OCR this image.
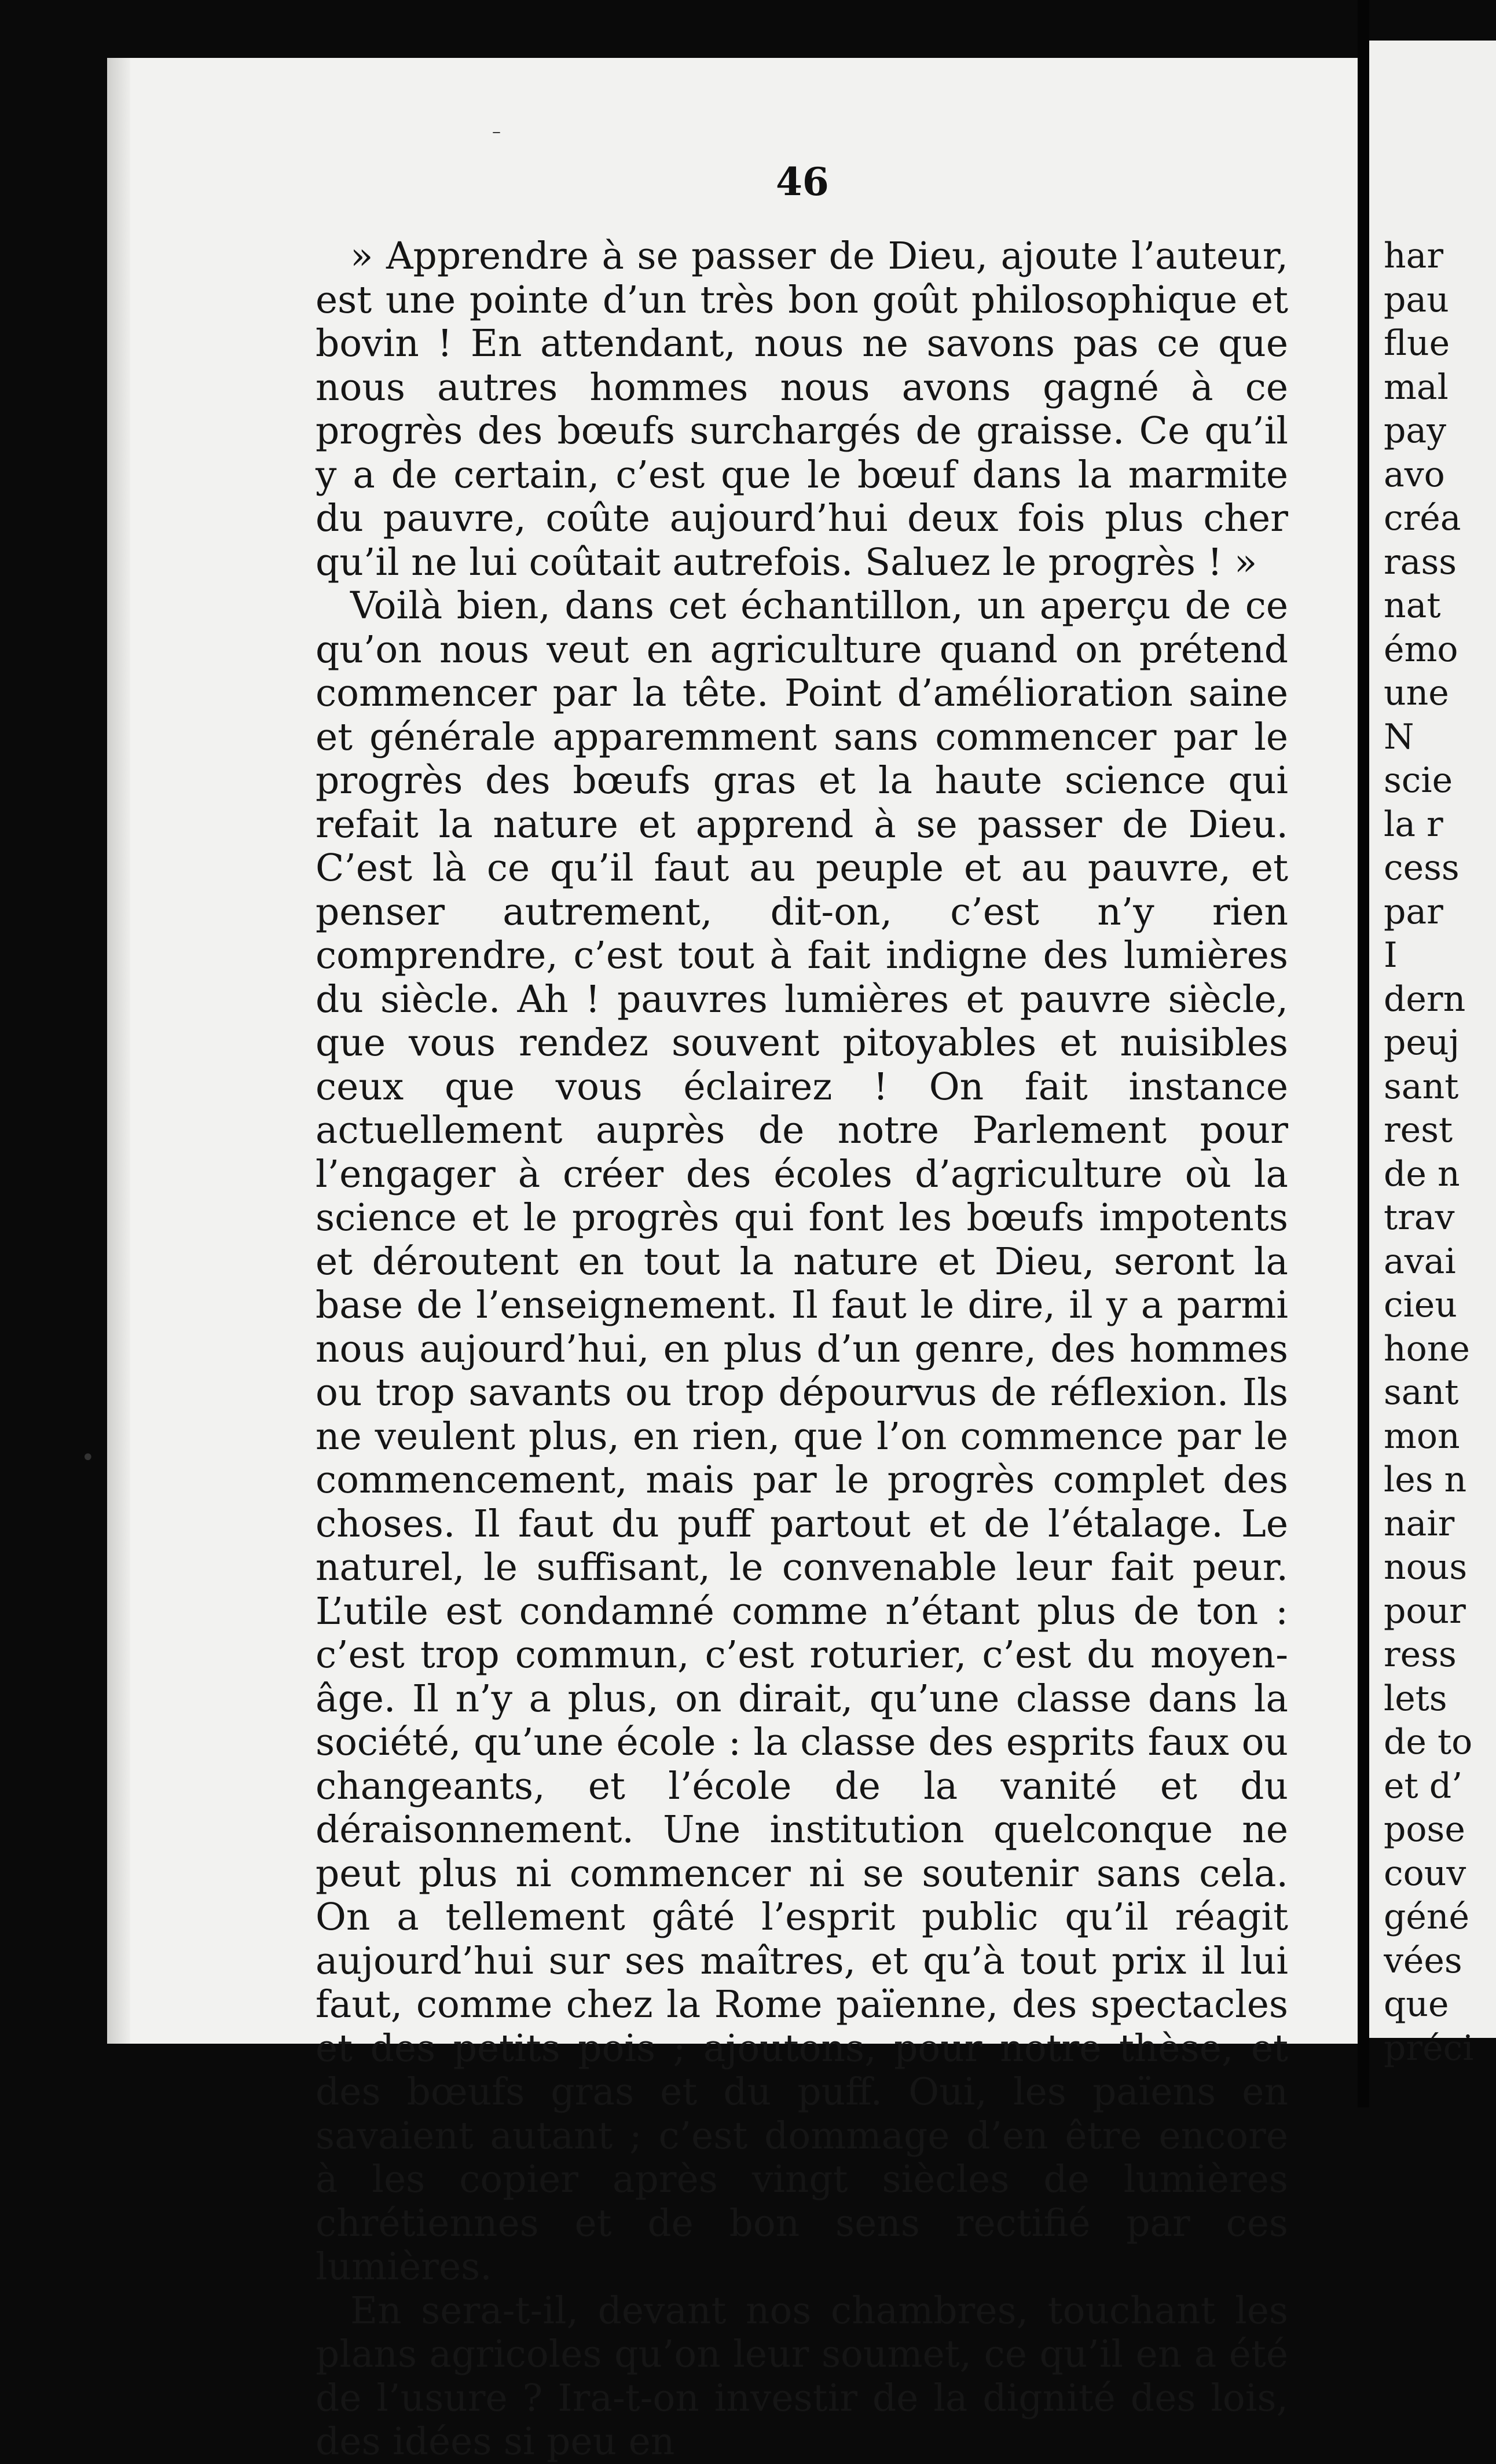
46

» Apprendre à se passer de Dieu, ajoute l’auteur, est une pointe d’un très bon goût philosophique et bovin ! En attendant, nous ne savons pas ce que nous autres hommes nous avons gagné à ce progrès des bœufs surchargés de graisse. Ce qu’il y a de certain, c’est que le bœuf dans la marmite du pauvre, coûte aujourd’hui deux fois plus cher qu’il ne lui coûtait autrefois. Saluez le progrès ! »

Voilà bien, dans cet échantillon, un aperçu de ce qu’on nous veut en agriculture quand on prétend commencer par la tête. Point d’amélioration saine et générale apparemment sans commencer par le progrès des bœufs gras et la haute science qui refait la nature et apprend à se passer de Dieu. C’est là ce qu’il faut au peuple et au pauvre, et penser autrement, dit-on, c’est n’y rien comprendre, c’est tout à fait indigne des lumières du siècle. Ah ! pauvres lumières et pauvre siècle, que vous rendez souvent pitoyables et nuisibles ceux que vous éclairez ! On fait instance actuellement auprès de notre Parlement pour l’engager à créer des écoles d’agriculture où la science et le progrès qui font les bœufs impotents et déroutent en tout la nature et Dieu, seront la base de l’enseignement. Il faut le dire, il y a parmi nous aujourd’hui, en plus d’un genre, des hommes ou trop savants ou trop dépourvus de réflexion. Ils ne veulent plus, en rien, que l’on commence par le commencement, mais par le progrès complet des choses. Il faut du puff partout et de l’étalage. Le naturel, le suffisant, le convenable leur fait peur. L’utile est condamné comme n’étant plus de ton : c’est trop commun, c’est roturier, c’est du moyen-âge. Il n’y a plus, on dirait, qu’une classe dans la société, qu’une école : la classe des esprits faux ou changeants, et l’école de la vanité et du déraisonnement. Une institution quelconque ne peut plus ni commencer ni se soutenir sans cela. On a tellement gâté l’esprit public qu’il réagit aujourd’hui sur ses maîtres, et qu’à tout prix il lui faut, comme chez la Rome païenne, des spectacles et des petits pois ; ajoutons, pour notre thèse, et des bœufs gras et du puff. Oui, les païens en savaient autant ; c’est dommage d’en être encore à les copier après vingt siècles de lumières chrétiennes et de bon sens rectifié par ces lumières.

En sera-t-il, devant nos chambres, touchant les plans agricoles qu’on leur soumet, ce qu’il en a été de l’usure ? Ira-t-on investir de la dignité des lois, des idées si peu en

har
pau
flue
mal
pay
avo
créa
rass
nat
émo
une
N
scie
la r
cess
par
I
dern
peuj
sant
rest
de n
trav
avai
cieu
hone
sant
mon
les n
nair
nous
pour
ress
lets
de to
et d’
pose
couv
géné
vées
que
préci
•
–
